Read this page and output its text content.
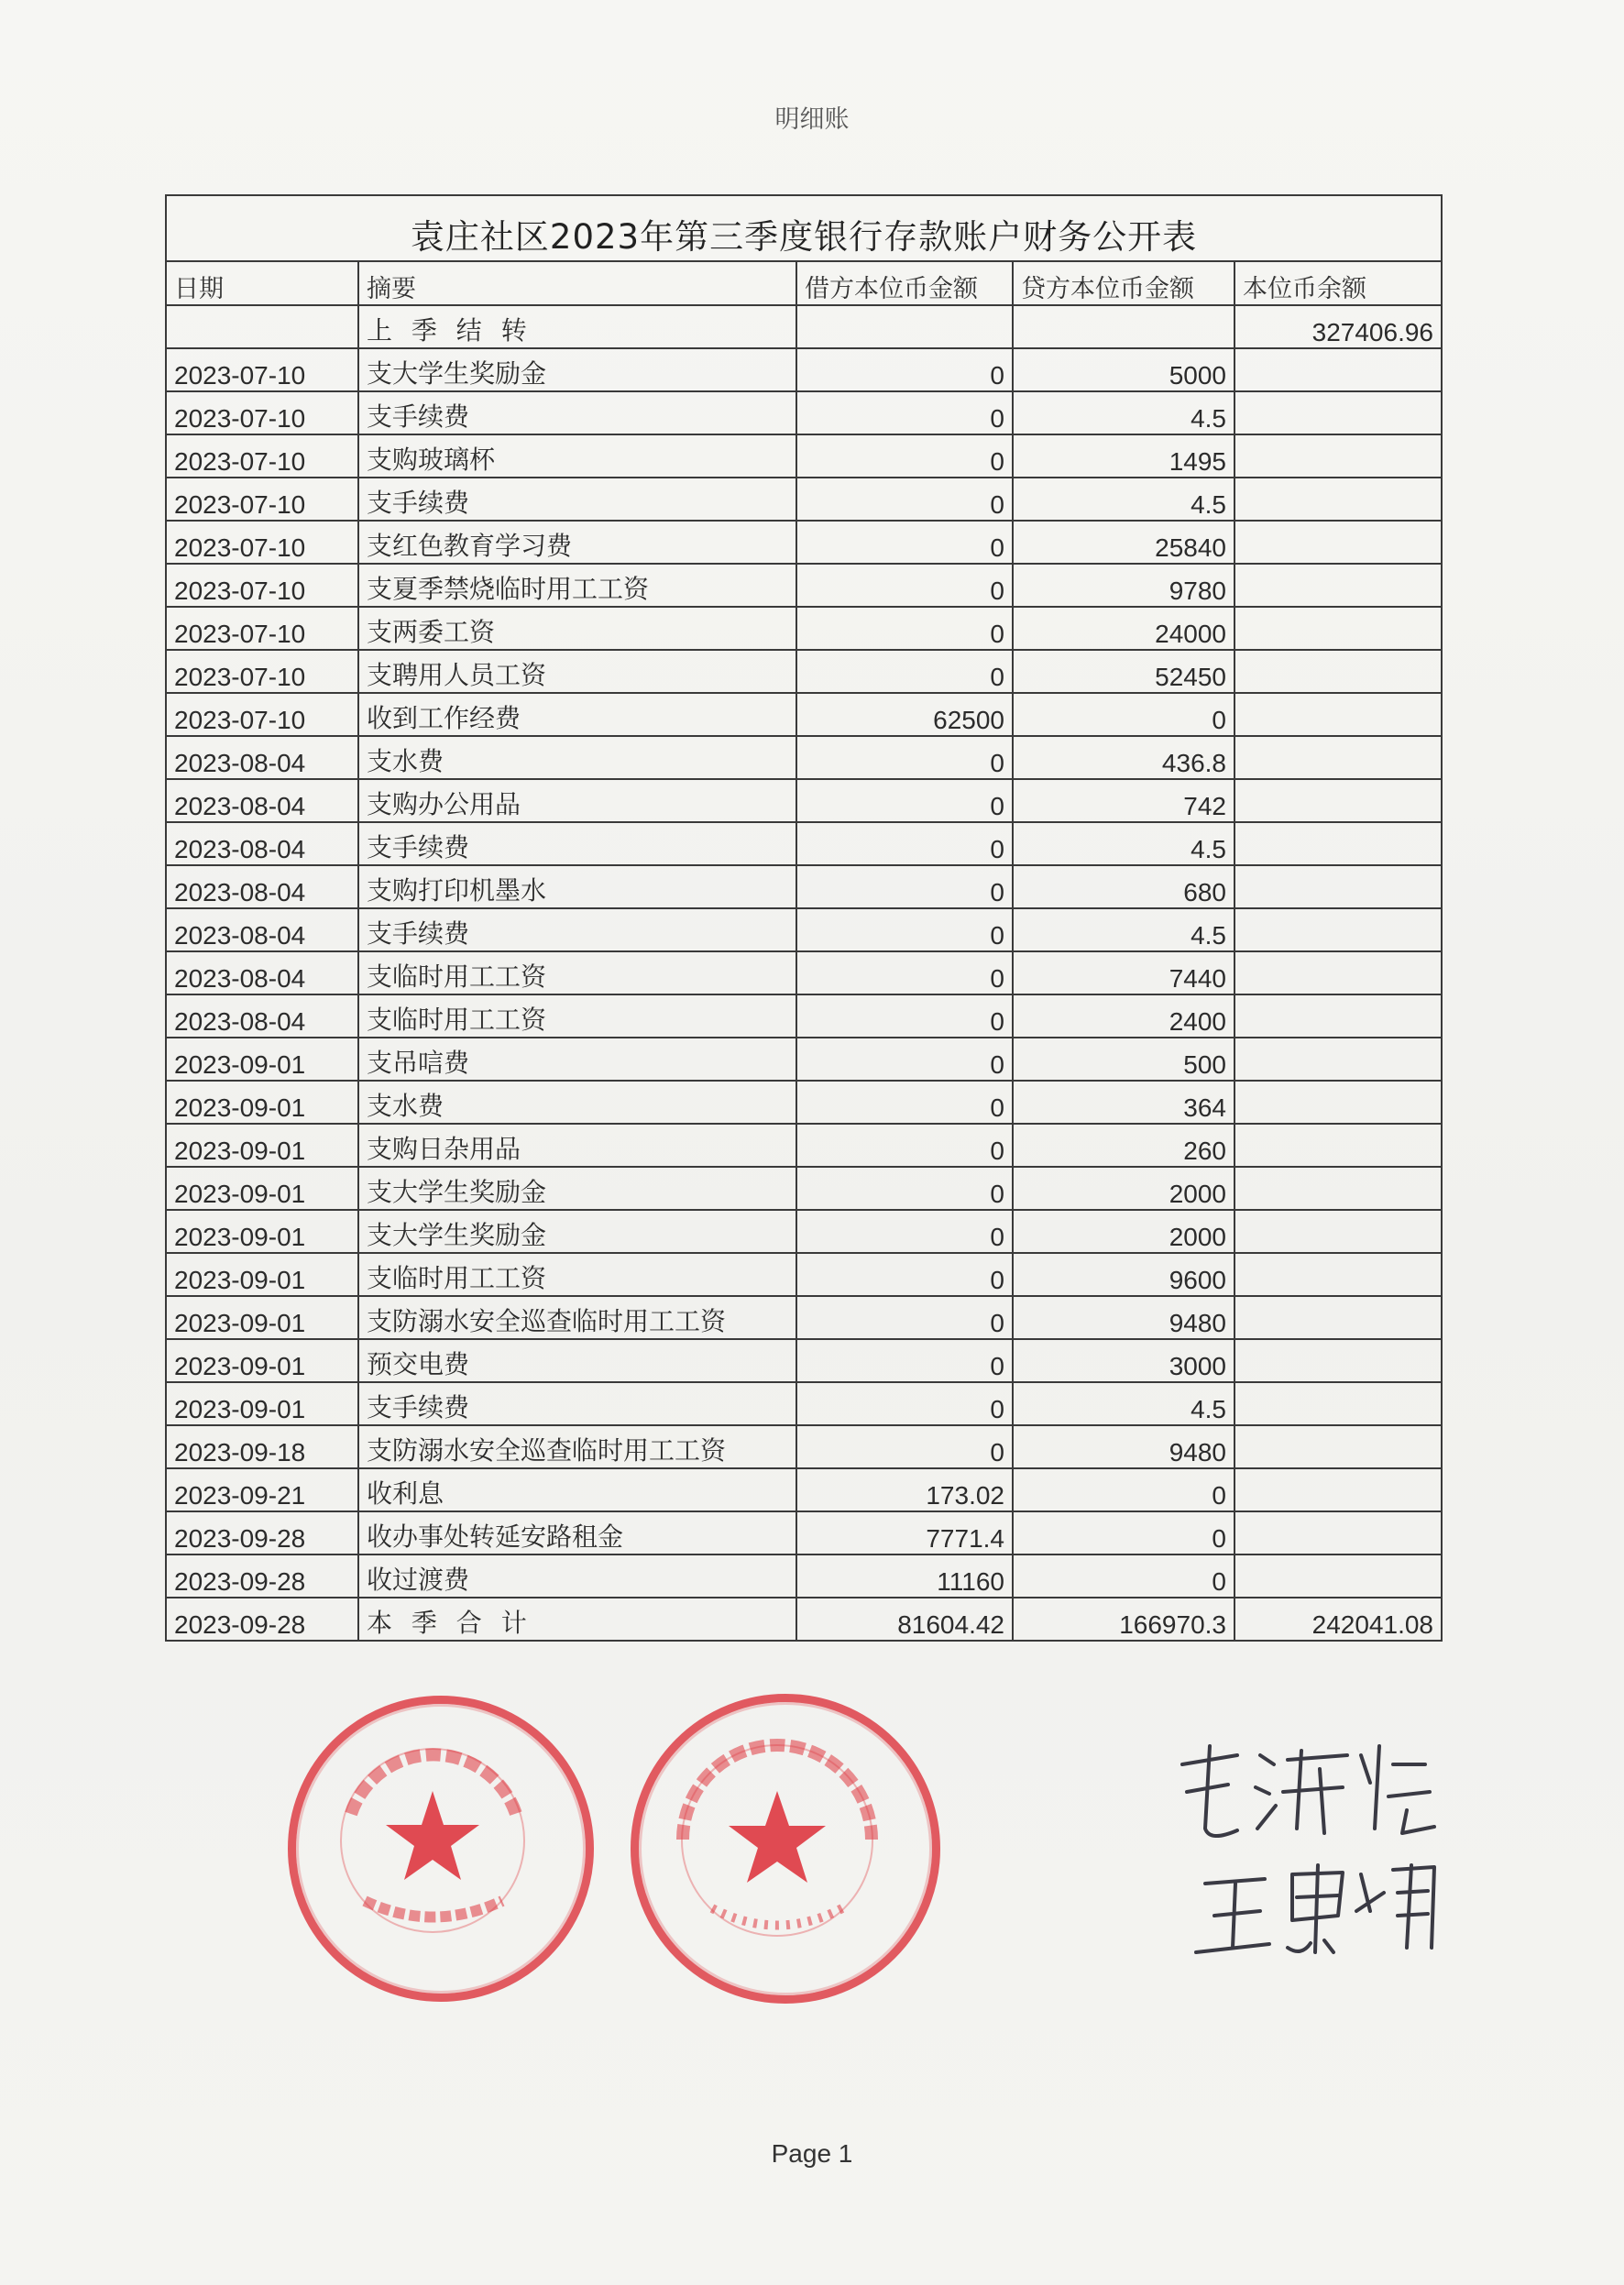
明细账
袁庄社区2023年第三季度银行存款账户财务公开表				
日期	摘要	借方本位币金额	贷方本位币金额	本位币余额
	上 季 结 转			327406.96
2023-07-10	支大学生奖励金	0	5000	
2023-07-10	支手续费	0	4.5	
2023-07-10	支购玻璃杯	0	1495	
2023-07-10	支手续费	0	4.5	
2023-07-10	支红色教育学习费	0	25840	
2023-07-10	支夏季禁烧临时用工工资	0	9780	
2023-07-10	支两委工资	0	24000	
2023-07-10	支聘用人员工资	0	52450	
2023-07-10	收到工作经费	62500	0	
2023-08-04	支水费	0	436.8	
2023-08-04	支购办公用品	0	742	
2023-08-04	支手续费	0	4.5	
2023-08-04	支购打印机墨水	0	680	
2023-08-04	支手续费	0	4.5	
2023-08-04	支临时用工工资	0	7440	
2023-08-04	支临时用工工资	0	2400	
2023-09-01	支吊唁费	0	500	
2023-09-01	支水费	0	364	
2023-09-01	支购日杂用品	0	260	
2023-09-01	支大学生奖励金	0	2000	
2023-09-01	支大学生奖励金	0	2000	
2023-09-01	支临时用工工资	0	9600	
2023-09-01	支防溺水安全巡查临时用工工资	0	9480	
2023-09-01	预交电费	0	3000	
2023-09-01	支手续费	0	4.5	
2023-09-18	支防溺水安全巡查临时用工工资	0	9480	
2023-09-21	收利息	173.02	0	
2023-09-28	收办事处转延安路租金	7771.4	0	
2023-09-28	收过渡费	11160	0	
2023-09-28	本 季 合 计	81604.42	166970.3	242041.08
Page 1
